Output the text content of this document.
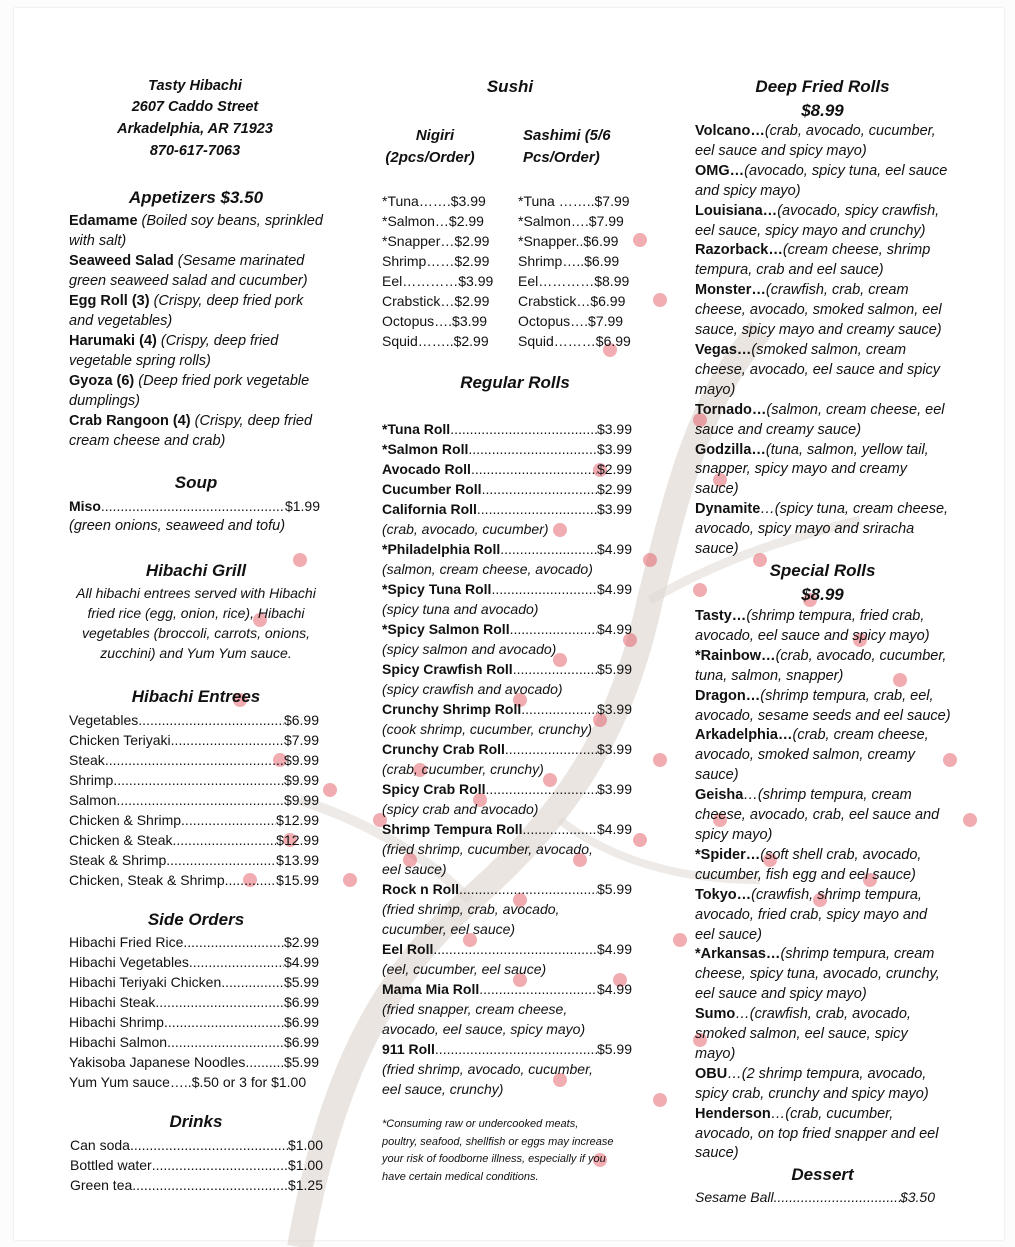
Tasty Hibachi
2607 Caddo Street
Arkadelphia, AR 71923
870-617-7063
Appetizers $3.50
Edamame (Boiled soy beans, sprinkled
with salt)
Seaweed Salad (Sesame marinated
green seaweed salad and cucumber)
Egg Roll (3) (Crispy, deep fried pork
and vegetables)
Harumaki (4) (Crispy, deep fried
vegetable spring rolls)
Gyoza (6) (Deep fried pork vegetable
dumplings)
Crab Rangoon (4) (Crispy, deep fried
cream cheese and crab)
Soup
Miso .....	$1.99
(green onions, seaweed and tofu)
Hibachi Grill
All hibachi entrees served with Hibachi
fried rice (egg, onion, rice), Hibachi
vegetables (broccoli, carrots, onions,
zucchini) and Yum Yum sauce.
Hibachi Entrees
Vegetables .....	$6.99
Chicken Teriyaki .....	$7.99
Steak .....	$9.99
Shrimp .....	$9.99
Salmon .....	$9.99
Chicken & Shrimp .....	$12.99
Chicken & Steak .....	$12.99
Steak & Shrimp .....	$13.99
Chicken, Steak & Shrimp .....	$15.99
Side Orders
Hibachi Fried Rice .....	$2.99
Hibachi Vegetables .....	$4.99
Hibachi Teriyaki Chicken .....	$5.99
Hibachi Steak .....	$6.99
Hibachi Shrimp .....	$6.99
Hibachi Salmon .....	$6.99
Yakisoba Japanese Noodles .....	$5.99
Yum Yum sauce…..$.50 or 3 for $1.00
Drinks
Can soda .....	$1.00
Bottled water .....	$1.00
Green tea .....	$1.25
Sushi
Nigiri
(2pcs/Order)
Sashimi (5/6
Pcs/Order)
*Tuna…….$3.99 *Tuna ……..$7.99
*Salmon…$2.99 *Salmon….$7.99
*Snapper…$2.99 *Snapper..$6.99
Shrimp……$2.99 Shrimp…..$6.99
Eel…………$3.99 Eel…………$8.99
Crabstick…$2.99 Crabstick…$6.99
Octopus….$3.99 Octopus….$7.99
Squid……..$2.99 Squid………$6.99
Regular Rolls
*Tuna Roll .....	$3.99
*Salmon Roll .....	$3.99
Avocado Roll .....	$2.99
Cucumber Roll .....	$2.99
California Roll .....	$3.99
(crab, avocado, cucumber)
*Philadelphia Roll .....	$4.99
(salmon, cream cheese, avocado)
*Spicy Tuna Roll .....	$4.99
(spicy tuna and avocado)
*Spicy Salmon Roll .....	$4.99
(spicy salmon and avocado)
Spicy Crawfish Roll .....	$5.99
(spicy crawfish and avocado)
Crunchy Shrimp Roll .....	$3.99
(cook shrimp, cucumber, crunchy)
Crunchy Crab Roll .....	$3.99
(crab, cucumber, crunchy)
Spicy Crab Roll .....	$3.99
(spicy crab and avocado)
Shrimp Tempura Roll .....	$4.99
(fried shrimp, cucumber, avocado,
eel sauce)
Rock n Roll .....	$5.99
(fried shrimp, crab, avocado,
cucumber, eel sauce)
Eel Roll .....	$4.99
(eel, cucumber, eel sauce)
Mama Mia Roll .....	$4.99
(fried snapper, cream cheese,
avocado, eel sauce, spicy mayo)
911 Roll .....	$5.99
(fried shrimp, avocado, cucumber,
eel sauce, crunchy)
*Consuming raw or undercooked meats,
poultry, seafood, shellfish or eggs may increase
your risk of foodborne illness, especially if you
have certain medical conditions.
Deep Fried Rolls
$8.99
Volcano…(crab, avocado, cucumber,
eel sauce and spicy mayo)
OMG…(avocado, spicy tuna, eel sauce
and spicy mayo)
Louisiana…(avocado, spicy crawfish,
eel sauce, spicy mayo and crunchy)
Razorback…(cream cheese, shrimp
tempura, crab and eel sauce)
Monster…(crawfish, crab, cream
cheese, avocado, smoked salmon, eel
sauce, spicy mayo and creamy sauce)
Vegas…(smoked salmon, cream
cheese, avocado, eel sauce and spicy
mayo)
Tornado…(salmon, cream cheese, eel
sauce and creamy sauce)
Godzilla…(tuna, salmon, yellow tail,
snapper, spicy mayo and creamy
sauce)
Dynamite…(spicy tuna, cream cheese,
avocado, spicy mayo and sriracha
sauce)
Special Rolls
$8.99
Tasty…(shrimp tempura, fried crab,
avocado, eel sauce and spicy mayo)
*Rainbow…(crab, avocado, cucumber,
tuna, salmon, snapper)
Dragon…(shrimp tempura, crab, eel,
avocado, sesame seeds and eel sauce)
Arkadelphia…(crab, cream cheese,
avocado, smoked salmon, creamy
sauce)
Geisha…(shrimp tempura, cream
cheese, avocado, crab, eel sauce and
spicy mayo)
*Spider…(soft shell crab, avocado,
cucumber, fish egg and eel sauce)
Tokyo…(crawfish, shrimp tempura,
avocado, fried crab, spicy mayo and
eel sauce)
*Arkansas…(shrimp tempura, cream
cheese, spicy tuna, avocado, crunchy,
eel sauce and spicy mayo)
Sumo…(crawfish, crab, avocado,
smoked salmon, eel sauce, spicy
mayo)
OBU…(2 shrimp tempura, avocado,
spicy crab, crunchy and spicy mayo)
Henderson…(crab, cucumber,
avocado, on top fried snapper and eel
sauce)
Dessert
Sesame Ball .....	$3.50
